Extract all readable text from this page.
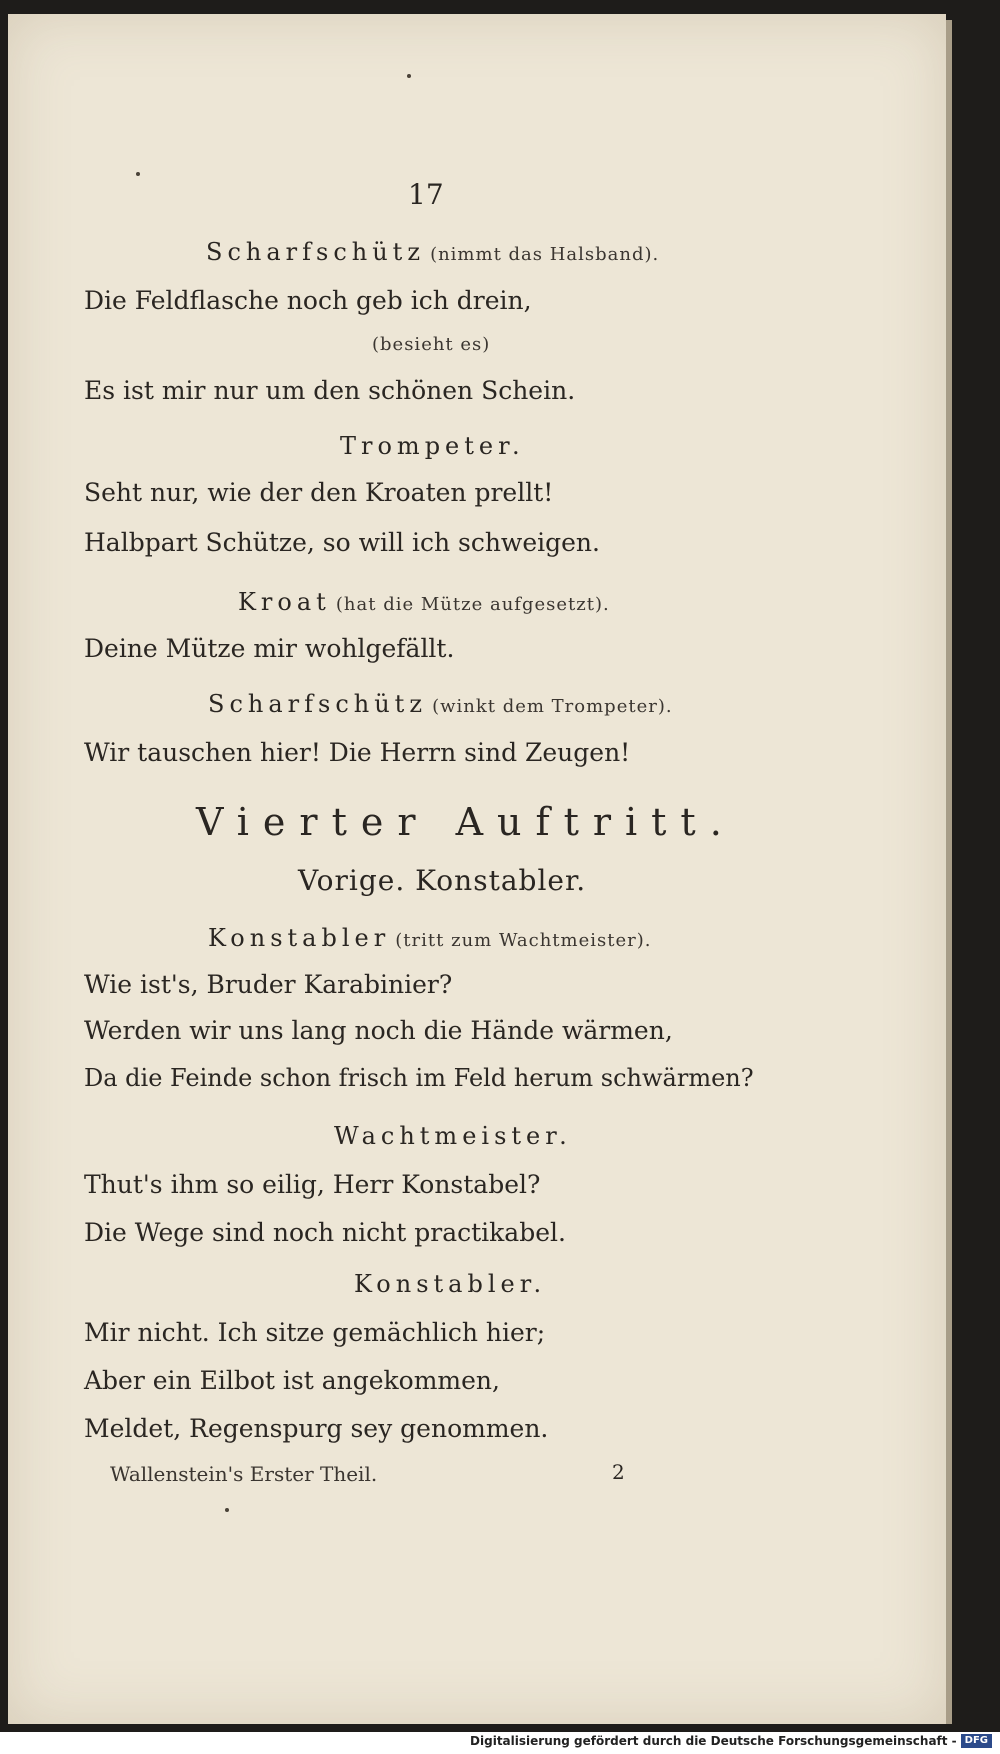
17
Scharfschütz (nimmt das Halsband).
Die Feldflasche noch geb ich drein,
(besieht es)
Es ist mir nur um den schönen Schein.
Trompeter.
Seht nur, wie der den Kroaten prellt!
Halbpart Schütze, so will ich schweigen.
Kroat (hat die Mütze aufgesetzt).
Deine Mütze mir wohlgefällt.
Scharfschütz (winkt dem Trompeter).
Wir tauschen hier! Die Herrn sind Zeugen!
Vierter Auftritt.
Vorige. Konstabler.
Konstabler (tritt zum Wachtmeister).
Wie ist's, Bruder Karabinier?
Werden wir uns lang noch die Hände wärmen,
Da die Feinde schon frisch im Feld herum schwärmen?
Wachtmeister.
Thut's ihm so eilig, Herr Konstabel?
Die Wege sind noch nicht practikabel.
Konstabler.
Mir nicht. Ich sitze gemächlich hier;
Aber ein Eilbot ist angekommen,
Meldet, Regenspurg sey genommen.
Wallenstein's Erster Theil.	2
Digitalisierung gefördert durch die Deutsche Forschungsgemeinschaft - DFG
